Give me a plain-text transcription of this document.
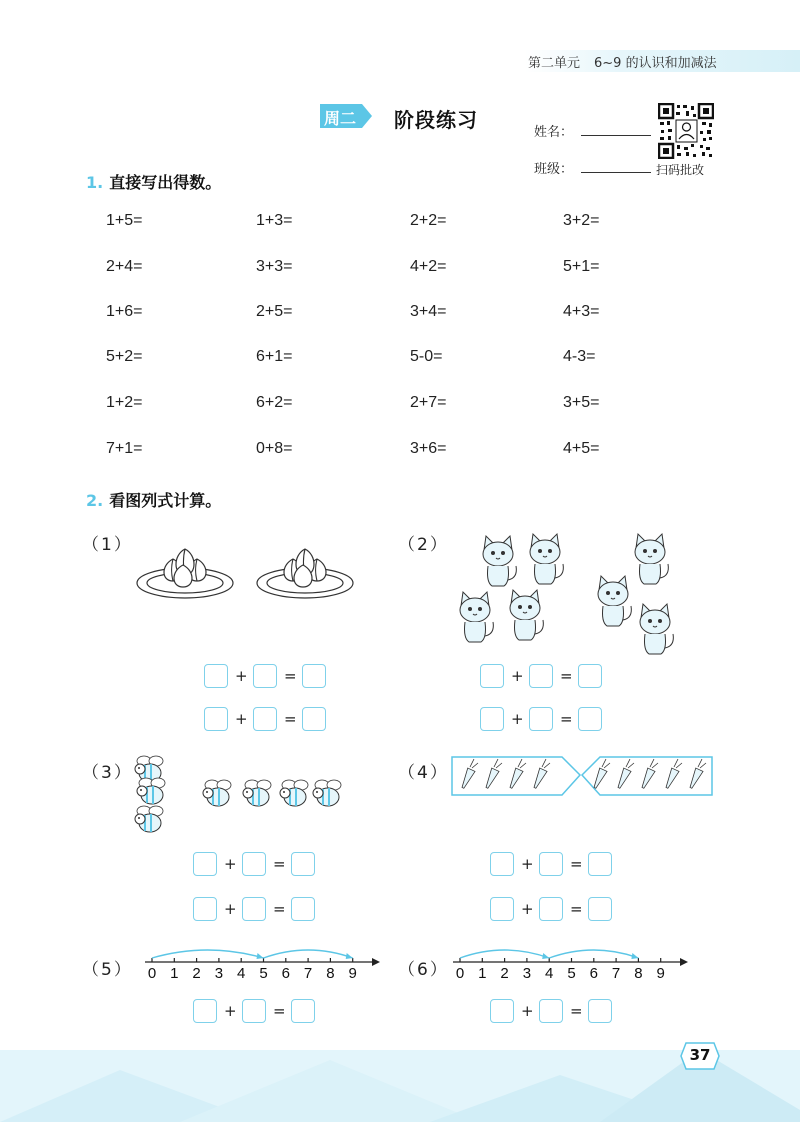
第二单元 6~9 的认识和加减法
周二 阶段练习
姓名：
班级：	扫码批改
1. 直接写出得数。
1+5=	1+3=	2+2=	3+2=
2+4=	3+3=	4+2=	5+1=
1+6=	2+5=	3+4=	4+3=
5+2=	6+1=	5-0=	4-3=
1+2=	6+2=	2+7=	3+5=
7+1=	0+8=	3+6=	4+5=
2. 看图列式计算。
（1）	（2）
（3）	（4）
（5）	（6）
0 1 2 3 4 5 6 7 8 9	0 1 2 3 4 5 6 7 8 9
+ =
+ =
+ =
+ =
+ =
+ =
+ =
+ =
+ =	+ =
37
